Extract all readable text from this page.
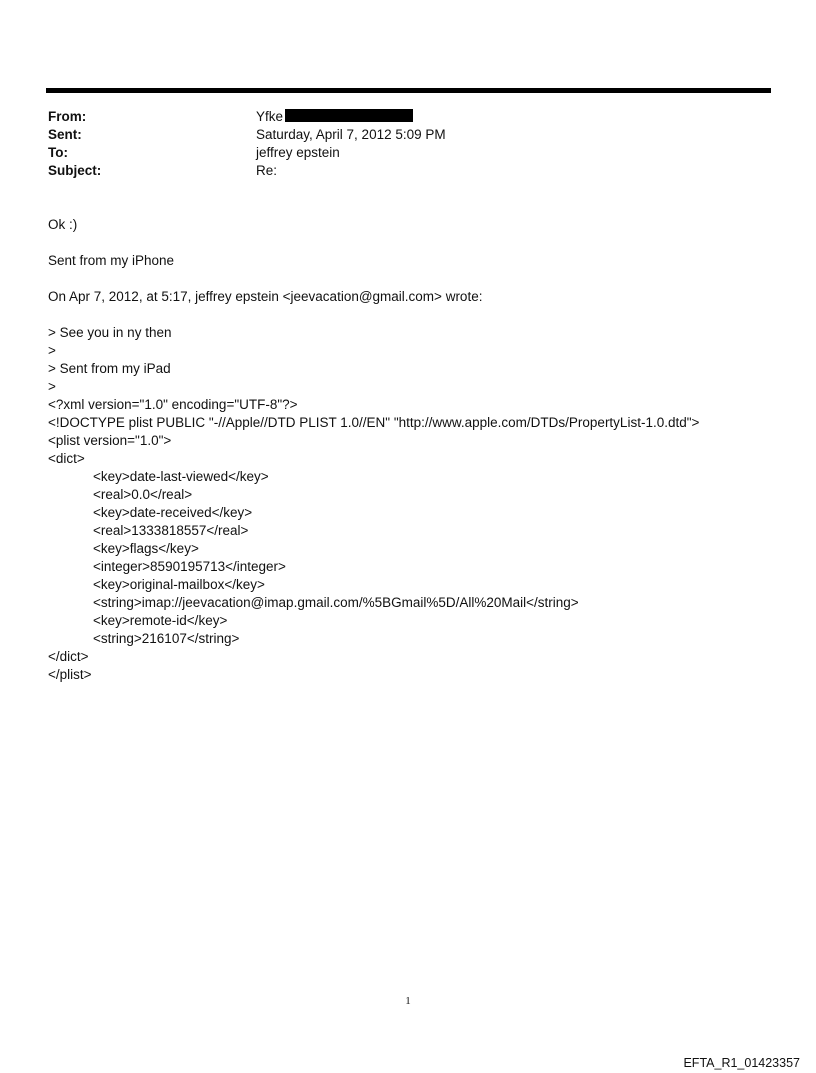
From:	Yfke
Sent:	Saturday, April 7, 2012 5:09 PM
To:	jeffrey epstein
Subject:	Re:
Ok :)
Sent from my iPhone
On Apr 7, 2012, at 5:17, jeffrey epstein <jeevacation@gmail.com> wrote:
> See you in ny then
>
> Sent from my iPad
>
<?xml version="1.0" encoding="UTF-8"?>
<!DOCTYPE plist PUBLIC "-//Apple//DTD PLIST 1.0//EN" "http://www.apple.com/DTDs/PropertyList-1.0.dtd">
<plist version="1.0">
<dict>
<key>date-last-viewed</key>
<real>0.0</real>
<key>date-received</key>
<real>1333818557</real>
<key>flags</key>
<integer>8590195713</integer>
<key>original-mailbox</key>
<string>imap://jeevacation@imap.gmail.com/%5BGmail%5D/All%20Mail</string>
<key>remote-id</key>
<string>216107</string>
</dict>
</plist>
1
EFTA_R1_01423357
